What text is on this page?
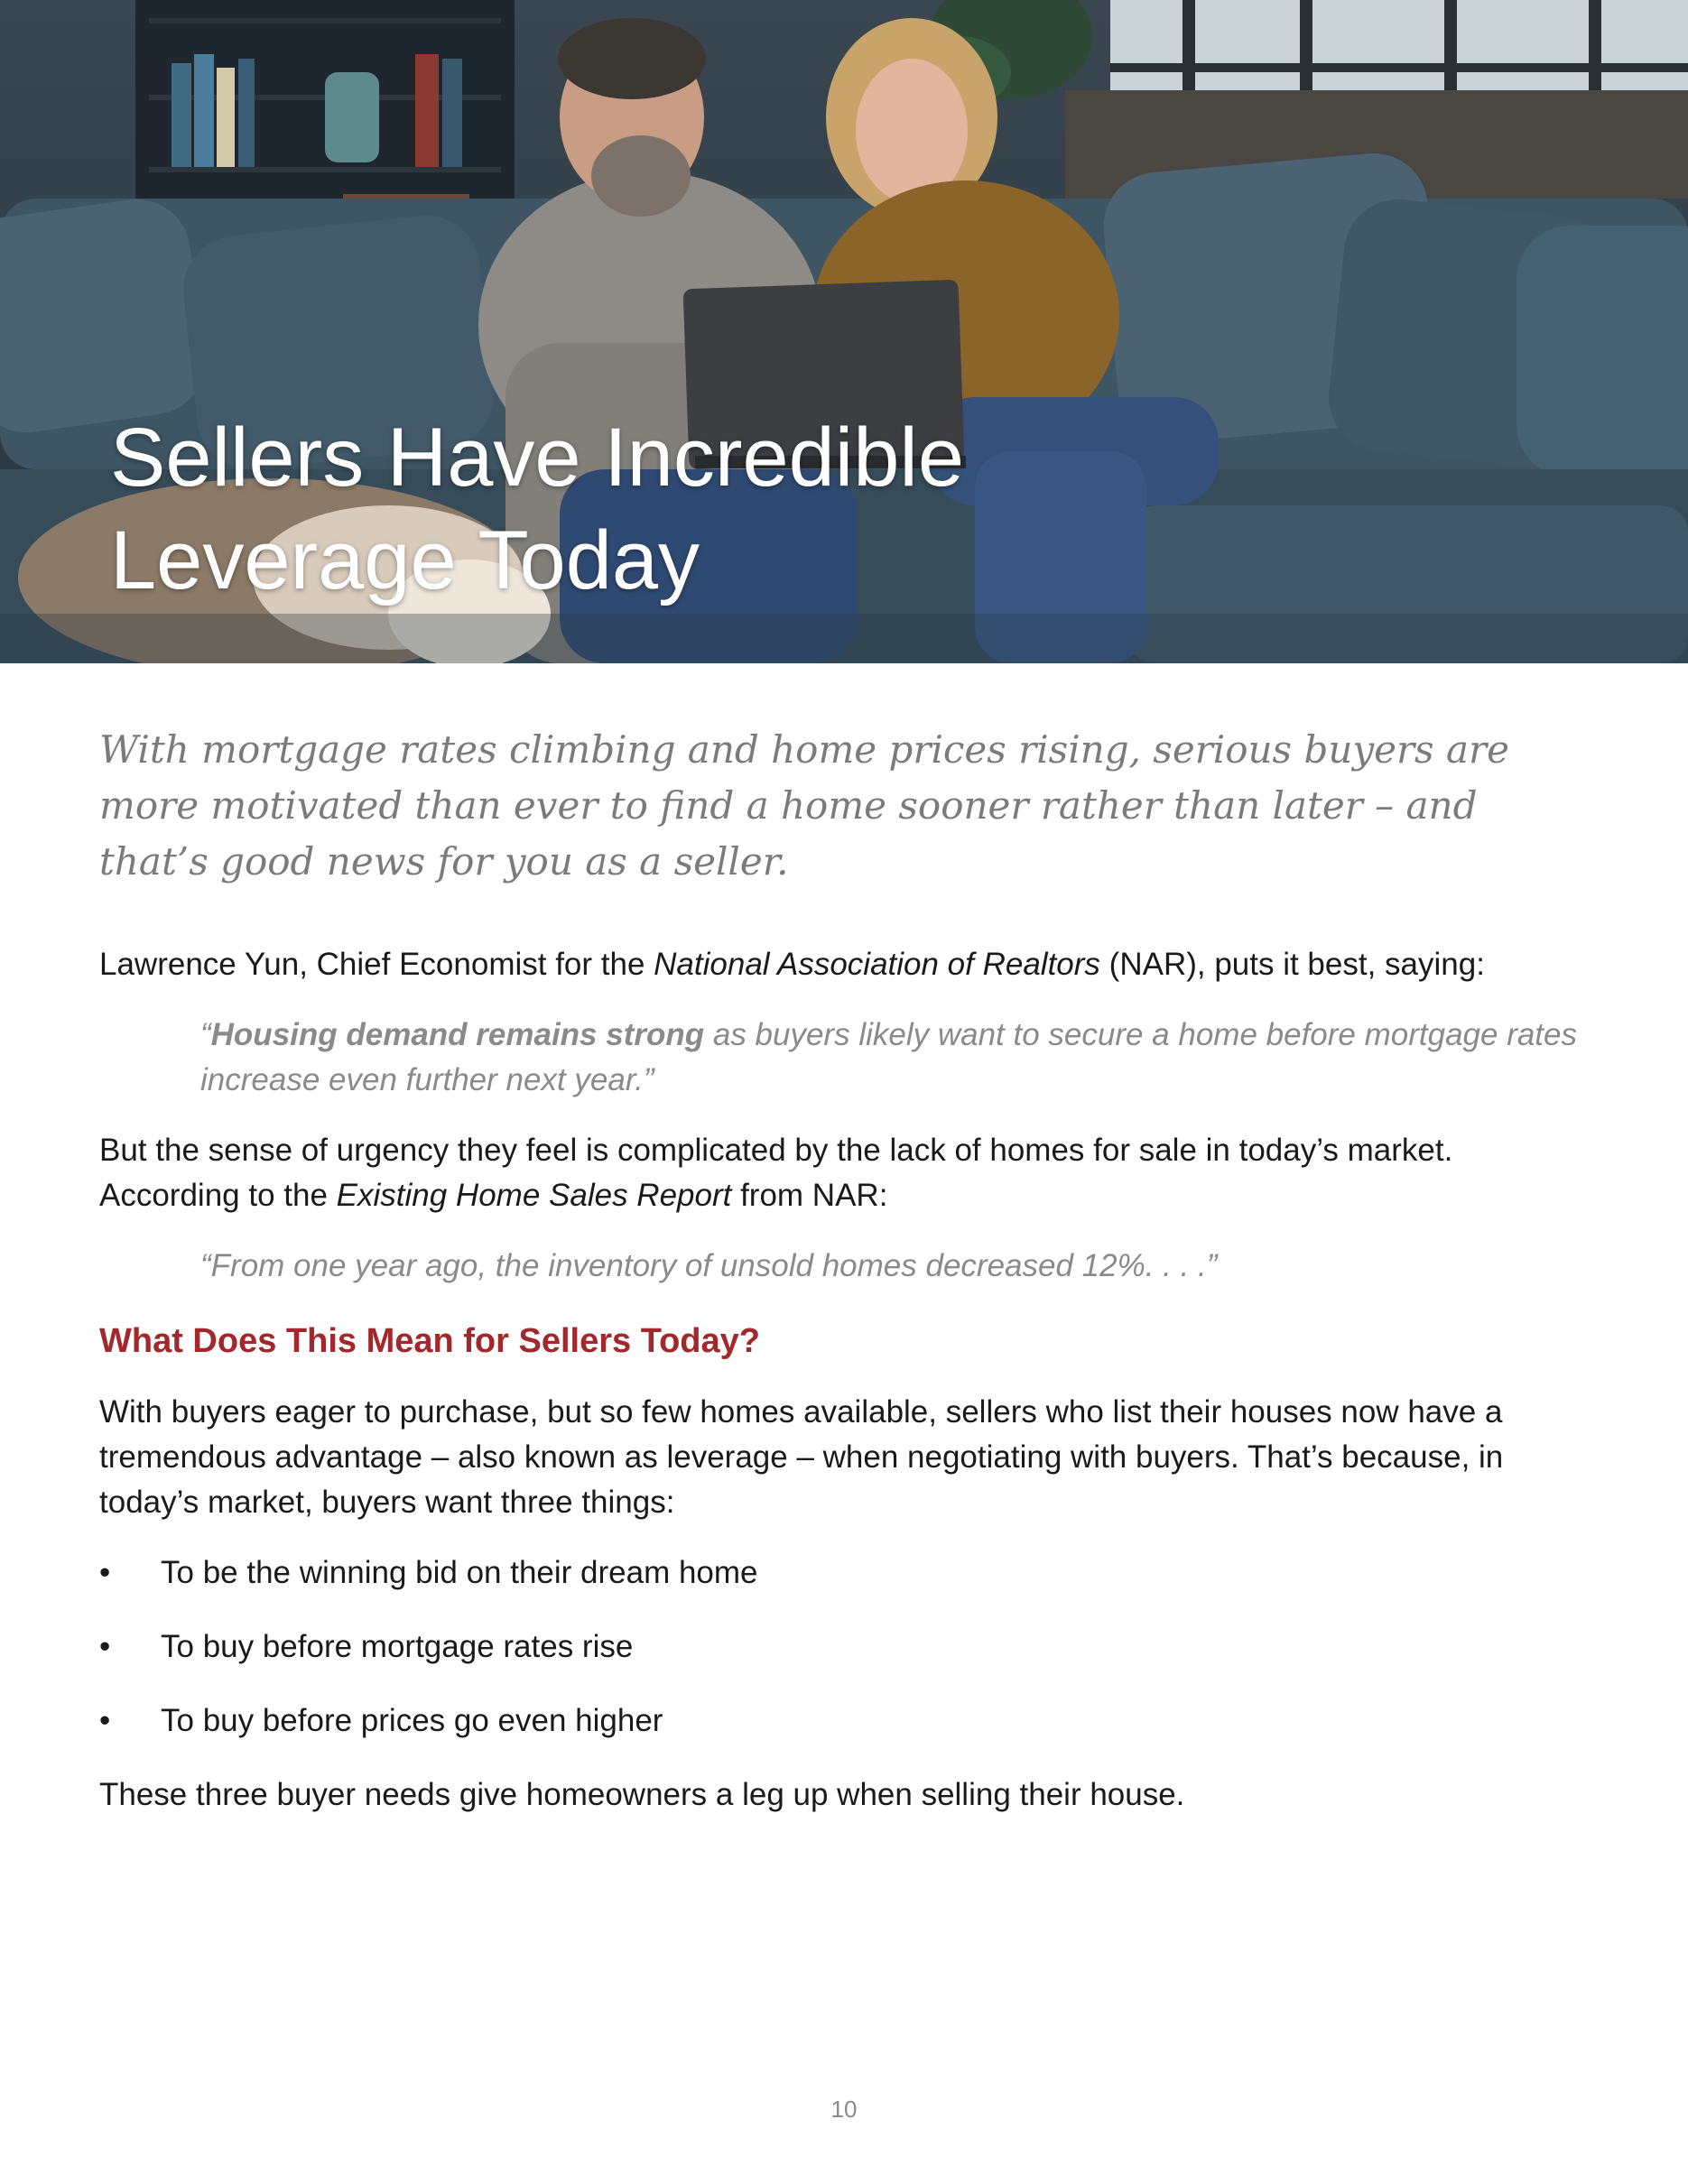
Sellers Have Incredible
Leverage Today

With mortgage rates climbing and home prices rising, serious buyers are more motivated than ever to find a home sooner rather than later – and that’s good news for you as a seller.

Lawrence Yun, Chief Economist for the National Association of Realtors (NAR), puts it best, saying:

“Housing demand remains strong as buyers likely want to secure a home before mortgage rates increase even further next year.”

But the sense of urgency they feel is complicated by the lack of homes for sale in today’s market. According to the Existing Home Sales Report from NAR:

“From one year ago, the inventory of unsold homes decreased 12%. . . .”

What Does This Mean for Sellers Today?

With buyers eager to purchase, but so few homes available, sellers who list their houses now have a tremendous advantage – also known as leverage – when negotiating with buyers. That’s because, in today’s market, buyers want three things:

• To be the winning bid on their dream home
• To buy before mortgage rates rise
• To buy before prices go even higher

These three buyer needs give homeowners a leg up when selling their house.

10
